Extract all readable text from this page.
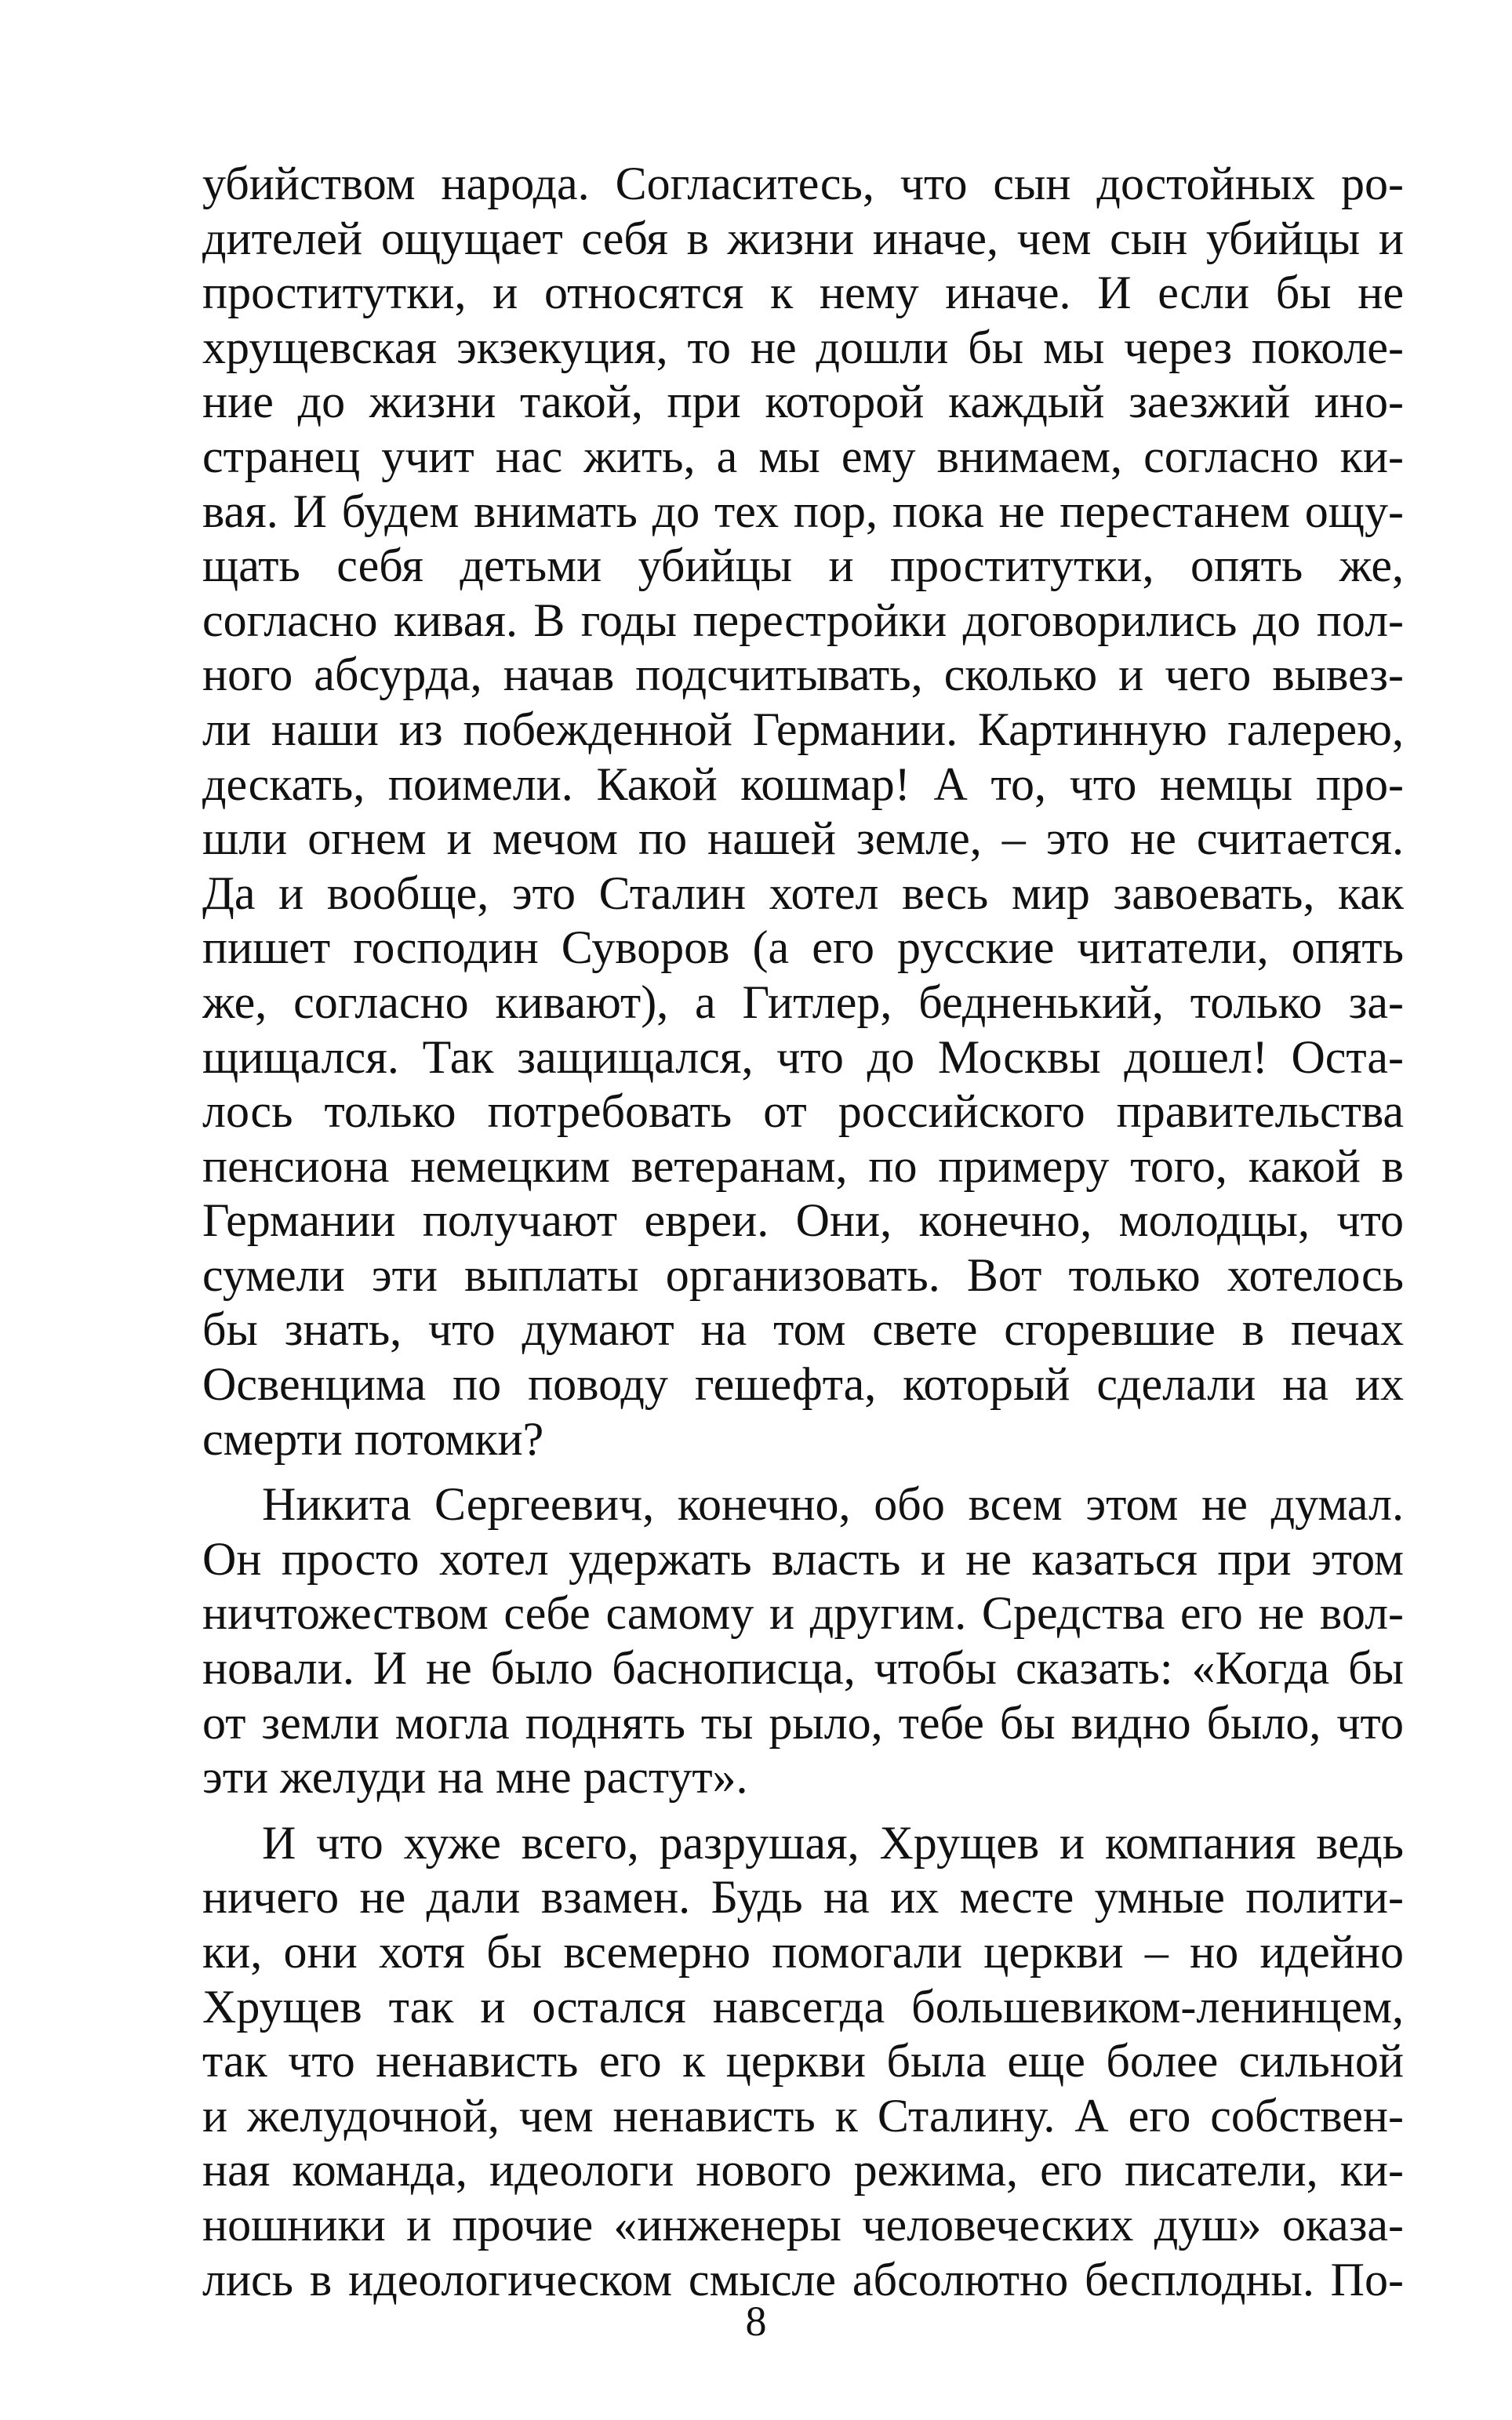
убийством народа. Согласитесь, что сын достойных ро-
дителей ощущает себя в жизни иначе, чем сын убийцы и
проститутки, и относятся к нему иначе. И если бы не
хрущевская экзекуция, то не дошли бы мы через поколе-
ние до жизни такой, при которой каждый заезжий ино-
странец учит нас жить, а мы ему внимаем, согласно ки-
вая. И будем внимать до тех пор, пока не перестанем ощу-
щать себя детьми убийцы и проститутки, опять же,
согласно кивая. В годы перестройки договорились до пол-
ного абсурда, начав подсчитывать, сколько и чего вывез-
ли наши из побежденной Германии. Картинную галерею,
дескать, поимели. Какой кошмар! А то, что немцы про-
шли огнем и мечом по нашей земле, – это не считается.
Да и вообще, это Сталин хотел весь мир завоевать, как
пишет господин Суворов (а его русские читатели, опять
же, согласно кивают), а Гитлер, бедненький, только за-
щищался. Так защищался, что до Москвы дошел! Оста-
лось только потребовать от российского правительства
пенсиона немецким ветеранам, по примеру того, какой в
Германии получают евреи. Они, конечно, молодцы, что
сумели эти выплаты организовать. Вот только хотелось
бы знать, что думают на том свете сгоревшие в печах
Освенцима по поводу гешефта, который сделали на их
смерти потомки?
Никита Сергеевич, конечно, обо всем этом не думал.
Он просто хотел удержать власть и не казаться при этом
ничтожеством себе самому и другим. Средства его не вол-
новали. И не было баснописца, чтобы сказать: «Когда бы
от земли могла поднять ты рыло, тебе бы видно было, что
эти желуди на мне растут».
И что хуже всего, разрушая, Хрущев и компания ведь
ничего не дали взамен. Будь на их месте умные полити-
ки, они хотя бы всемерно помогали церкви – но идейно
Хрущев так и остался навсегда большевиком-ленинцем,
так что ненависть его к церкви была еще более сильной
и желудочной, чем ненависть к Сталину. А его собствен-
ная команда, идеологи нового режима, его писатели, ки-
ношники и прочие «инженеры человеческих душ» оказа-
лись в идеологическом смысле абсолютно бесплодны. По-
8
